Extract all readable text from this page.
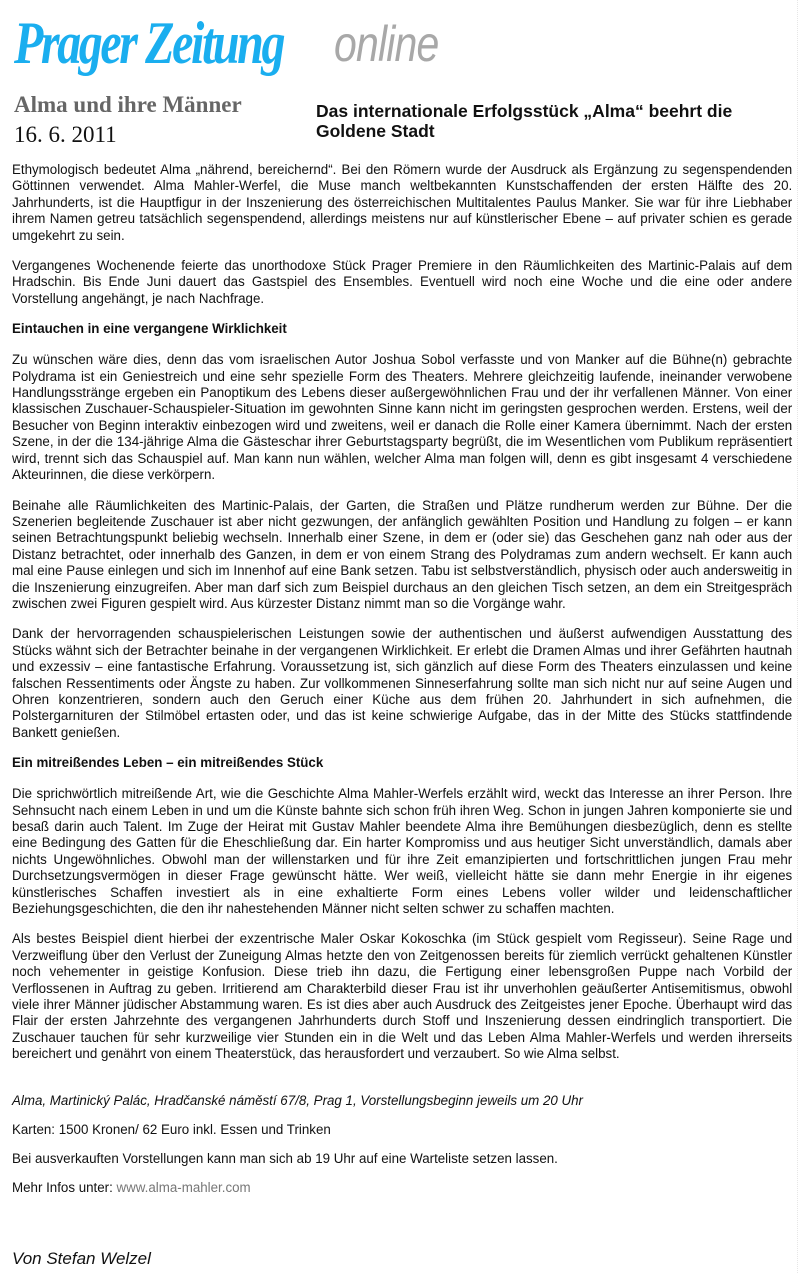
Prager Zeitung online
Alma und ihre Männer
16. 6. 2011
Das internationale Erfolgsstück „Alma“ beehrt die Goldene Stadt

Ethymologisch bedeutet Alma „nährend, bereichernd“. Bei den Römern wurde der Ausdruck als Ergänzung zu segenspendenden Göttinnen verwendet. Alma Mahler-Werfel, die Muse manch weltbekannten Kunstschaffenden der ersten Hälfte des 20. Jahrhunderts, ist die Hauptfigur in der Inszenierung des österreichischen Multitalentes Paulus Manker. Sie war für ihre Liebhaber ihrem Namen getreu tatsächlich segenspendend, allerdings meistens nur auf künstlerischer Ebene – auf privater schien es gerade umgekehrt zu sein.

Vergangenes Wochenende feierte das unorthodoxe Stück Prager Premiere in den Räumlichkeiten des Martinic-Palais auf dem Hradschin. Bis Ende Juni dauert das Gastspiel des Ensembles. Eventuell wird noch eine Woche und die eine oder andere Vorstellung angehängt, je nach Nachfrage.

Eintauchen in eine vergangene Wirklichkeit

Zu wünschen wäre dies, denn das vom israelischen Autor Joshua Sobol verfasste und von Manker auf die Bühne(n) gebrachte Polydrama ist ein Geniestreich und eine sehr spezielle Form des Theaters. Mehrere gleichzeitig laufende, ineinander verwobene Handlungsstränge ergeben ein Panoptikum des Lebens dieser außergewöhnlichen Frau und der ihr verfallenen Männer. Von einer klassischen Zuschauer-Schauspieler-Situation im gewohnten Sinne kann nicht im geringsten gesprochen werden. Erstens, weil der Besucher von Beginn interaktiv einbezogen wird und zweitens, weil er danach die Rolle einer Kamera übernimmt. Nach der ersten Szene, in der die 134-jährige Alma die Gästeschar ihrer Geburtstagsparty begrüßt, die im Wesentlichen vom Publikum repräsentiert wird, trennt sich das Schauspiel auf. Man kann nun wählen, welcher Alma man folgen will, denn es gibt insgesamt 4 verschiedene Akteurinnen, die diese verkörpern.

Beinahe alle Räumlichkeiten des Martinic-Palais, der Garten, die Straßen und Plätze rundherum werden zur Bühne. Der die Szenerien begleitende Zuschauer ist aber nicht gezwungen, der anfänglich gewählten Position und Handlung zu folgen – er kann seinen Betrachtungspunkt beliebig wechseln. Innerhalb einer Szene, in dem er (oder sie) das Geschehen ganz nah oder aus der Distanz betrachtet, oder innerhalb des Ganzen, in dem er von einem Strang des Polydramas zum andern wechselt. Er kann auch mal eine Pause einlegen und sich im Innenhof auf eine Bank setzen. Tabu ist selbstverständlich, physisch oder auch andersweitig in die Inszenierung einzugreifen. Aber man darf sich zum Beispiel durchaus an den gleichen Tisch setzen, an dem ein Streitgespräch zwischen zwei Figuren gespielt wird. Aus kürzester Distanz nimmt man so die Vorgänge wahr.

Dank der hervorragenden schauspielerischen Leistungen sowie der authentischen und äußerst aufwendigen Ausstattung des Stücks wähnt sich der Betrachter beinahe in der vergangenen Wirklichkeit. Er erlebt die Dramen Almas und ihrer Gefährten hautnah und exzessiv – eine fantastische Erfahrung. Voraussetzung ist, sich gänzlich auf diese Form des Theaters einzulassen und keine falschen Ressentiments oder Ängste zu haben. Zur vollkommenen Sinneserfahrung sollte man sich nicht nur auf seine Augen und Ohren konzentrieren, sondern auch den Geruch einer Küche aus dem frühen 20. Jahrhundert in sich aufnehmen, die Polstergarnituren der Stilmöbel ertasten oder, und das ist keine schwierige Aufgabe, das in der Mitte des Stücks stattfindende Bankett genießen.

Ein mitreißendes Leben – ein mitreißendes Stück

Die sprichwörtlich mitreißende Art, wie die Geschichte Alma Mahler-Werfels erzählt wird, weckt das Interesse an ihrer Person. Ihre Sehnsucht nach einem Leben in und um die Künste bahnte sich schon früh ihren Weg. Schon in jungen Jahren komponierte sie und besaß darin auch Talent. Im Zuge der Heirat mit Gustav Mahler beendete Alma ihre Bemühungen diesbezüglich, denn es stellte eine Bedingung des Gatten für die Eheschließung dar. Ein harter Kompromiss und aus heutiger Sicht unverständlich, damals aber nichts Ungewöhnliches. Obwohl man der willenstarken und für ihre Zeit emanzipierten und fortschrittlichen jungen Frau mehr Durchsetzungsvermögen in dieser Frage gewünscht hätte. Wer weiß, vielleicht hätte sie dann mehr Energie in ihr eigenes künstlerisches Schaffen investiert als in eine exhaltierte Form eines Lebens voller wilder und leidenschaftlicher Beziehungsgeschichten, die den ihr nahestehenden Männer nicht selten schwer zu schaffen machten.

Als bestes Beispiel dient hierbei der exzentrische Maler Oskar Kokoschka (im Stück gespielt vom Regisseur). Seine Rage und Verzweiflung über den Verlust der Zuneigung Almas hetzte den von Zeitgenossen bereits für ziemlich verrückt gehaltenen Künstler noch vehementer in geistige Konfusion. Diese trieb ihn dazu, die Fertigung einer lebensgroßen Puppe nach Vorbild der Verflossenen in Auftrag zu geben. Irritierend am Charakterbild dieser Frau ist ihr unverhohlen geäußerter Antisemitismus, obwohl viele ihrer Männer jüdischer Abstammung waren. Es ist dies aber auch Ausdruck des Zeitgeistes jener Epoche. Überhaupt wird das Flair der ersten Jahrzehnte des vergangenen Jahrhunderts durch Stoff und Inszenierung dessen eindringlich transportiert. Die Zuschauer tauchen für sehr kurzweilige vier Stunden ein in die Welt und das Leben Alma Mahler-Werfels und werden ihrerseits bereichert und genährt von einem Theaterstück, das herausfordert und verzaubert. So wie Alma selbst.

Alma, Martinický Palác, Hradčanské náměstí 67/8, Prag 1, Vorstellungsbeginn jeweils um 20 Uhr

Karten: 1500 Kronen/ 62 Euro inkl. Essen und Trinken

Bei ausverkauften Vorstellungen kann man sich ab 19 Uhr auf eine Warteliste setzen lassen.

Mehr Infos unter: www.alma-mahler.com

Von Stefan Welzel
